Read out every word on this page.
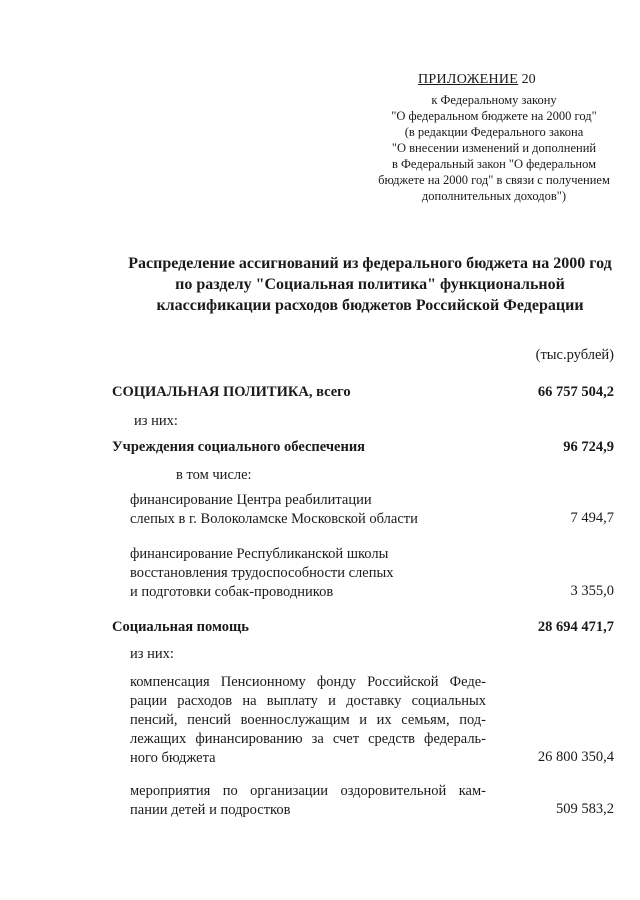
ПРИЛОЖЕНИЕ 20
к Федеральному закону
"О федеральном бюджете на 2000 год"
(в редакции Федерального закона
"О внесении изменений и дополнений
в Федеральный закон "О федеральном
бюджете на 2000 год" в связи с получением
дополнительных доходов")
Распределение ассигнований из федерального бюджета на 2000 год
по разделу "Социальная политика" функциональной
классификации расходов бюджетов Российской Федерации
(тыс.рублей)
СОЦИАЛЬНАЯ ПОЛИТИКА, всего	66 757 504,2
из них:
Учреждения социального обеспечения	96 724,9
в том числе:
финансирование Центра реабилитации
слепых в г. Волоколамске Московской области	7 494,7
финансирование Республиканской школы
восстановления трудоспособности слепых
и подготовки собак-проводников	3 355,0
Социальная помощь	28 694 471,7
из них:
компенсация Пенсионному фонду Российской Феде-
рации расходов на выплату и доставку социальных
пенсий, пенсий военнослужащим и их семьям, под-
лежащих финансированию за счет средств федераль-
ного бюджета	26 800 350,4
мероприятия по организации оздоровительной кам-
пании детей и подростков	509 583,2
